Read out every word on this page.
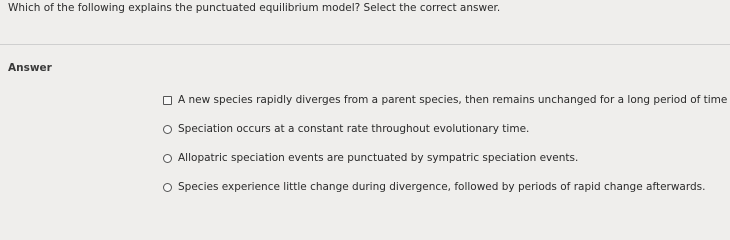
Which of the following explains the punctuated equilibrium model? Select the correct answer.
Answer
A new species rapidly diverges from a parent species, then remains unchanged for a long period of time
Speciation occurs at a constant rate throughout evolutionary time.
Allopatric speciation events are punctuated by sympatric speciation events.
Species experience little change during divergence, followed by periods of rapid change afterwards.
